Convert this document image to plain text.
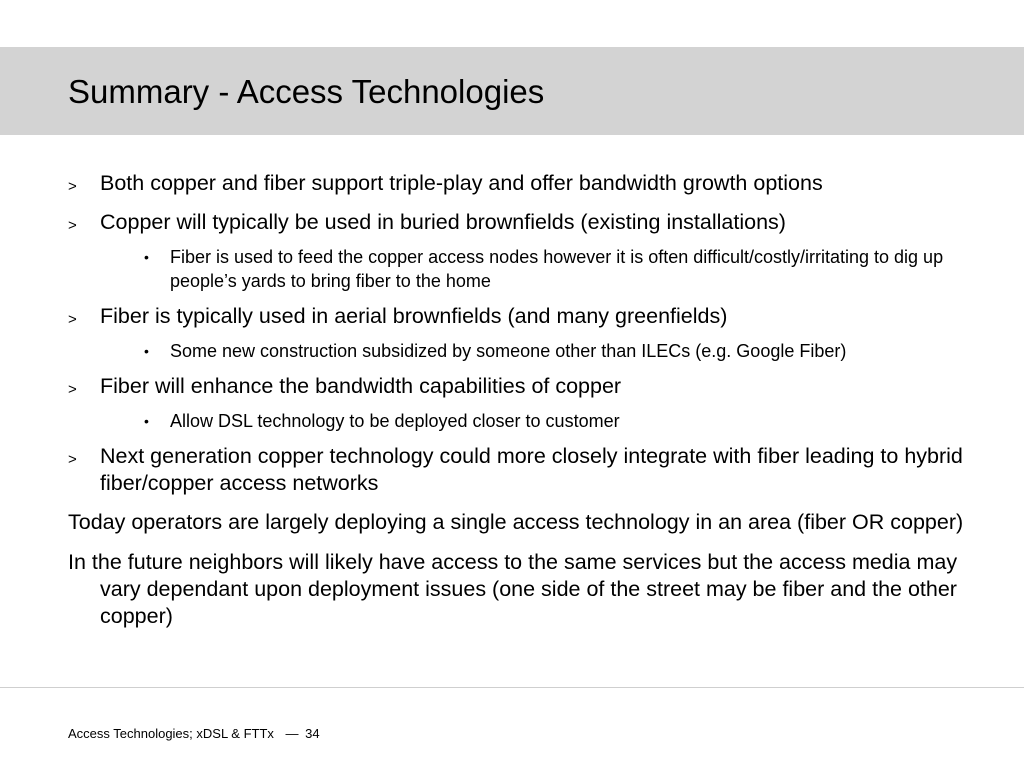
Summary - Access Technologies
> Both copper and fiber support triple-play and offer bandwidth growth options
> Copper will typically be used in buried brownfields (existing installations)
• Fiber is used to feed the copper access nodes however it is often difficult/costly/irritating to dig up people’s yards to bring fiber to the home
> Fiber is typically used in aerial brownfields (and many greenfields)
• Some new construction subsidized by someone other than ILECs (e.g. Google Fiber)
> Fiber will enhance the bandwidth capabilities of copper
• Allow DSL technology to be deployed closer to customer
> Next generation copper technology could more closely integrate with fiber leading to hybrid fiber/copper access networks
Today operators are largely deploying a single access technology in an area (fiber OR copper)
In the future neighbors will likely have access to the same services but the access media may vary dependant upon deployment issues (one side of the street may be fiber and the other copper)
Access Technologies; xDSL & FTTx — 34
